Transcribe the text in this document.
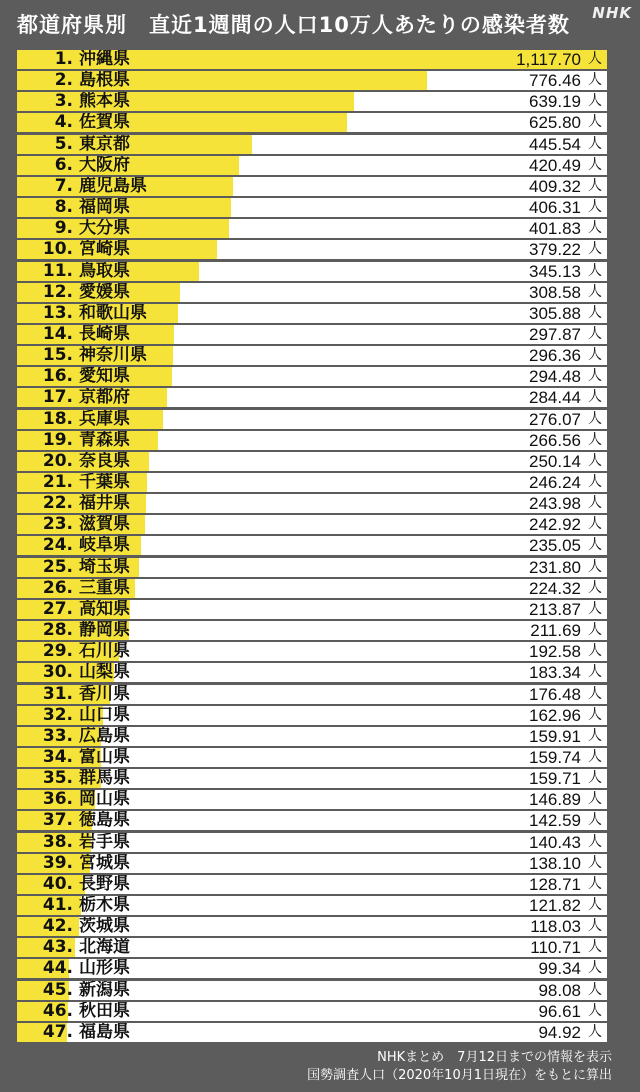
都道府県別 直近1週間の人口10万人あたりの感染者数 NHK
1. 沖縄県	1,117.70 人
2. 島根県	776.46 人
3. 熊本県	639.19 人
4. 佐賀県	625.80 人
5. 東京都	445.54 人
6. 大阪府	420.49 人
7. 鹿児島県	409.32 人
8. 福岡県	406.31 人
9. 大分県	401.83 人
10. 宮崎県	379.22 人
11. 鳥取県	345.13 人
12. 愛媛県	308.58 人
13. 和歌山県	305.88 人
14. 長崎県	297.87 人
15. 神奈川県	296.36 人
16. 愛知県	294.48 人
17. 京都府	284.44 人
18. 兵庫県	276.07 人
19. 青森県	266.56 人
20. 奈良県	250.14 人
21. 千葉県	246.24 人
22. 福井県	243.98 人
23. 滋賀県	242.92 人
24. 岐阜県	235.05 人
25. 埼玉県	231.80 人
26. 三重県	224.32 人
27. 高知県	213.87 人
28. 静岡県	211.69 人
29. 石川県	192.58 人
30. 山梨県	183.34 人
31. 香川県	176.48 人
32. 山口県	162.96 人
33. 広島県	159.91 人
34. 富山県	159.74 人
35. 群馬県	159.71 人
36. 岡山県	146.89 人
37. 徳島県	142.59 人
38. 岩手県	140.43 人
39. 宮城県	138.10 人
40. 長野県	128.71 人
41. 栃木県	121.82 人
42. 茨城県	118.03 人
43. 北海道	110.71 人
44. 山形県	99.34 人
45. 新潟県	98.08 人
46. 秋田県	96.61 人
47. 福島県	94.92 人
NHKまとめ　7月12日までの情報を表示
国勢調査人口（2020年10月1日現在）をもとに算出
